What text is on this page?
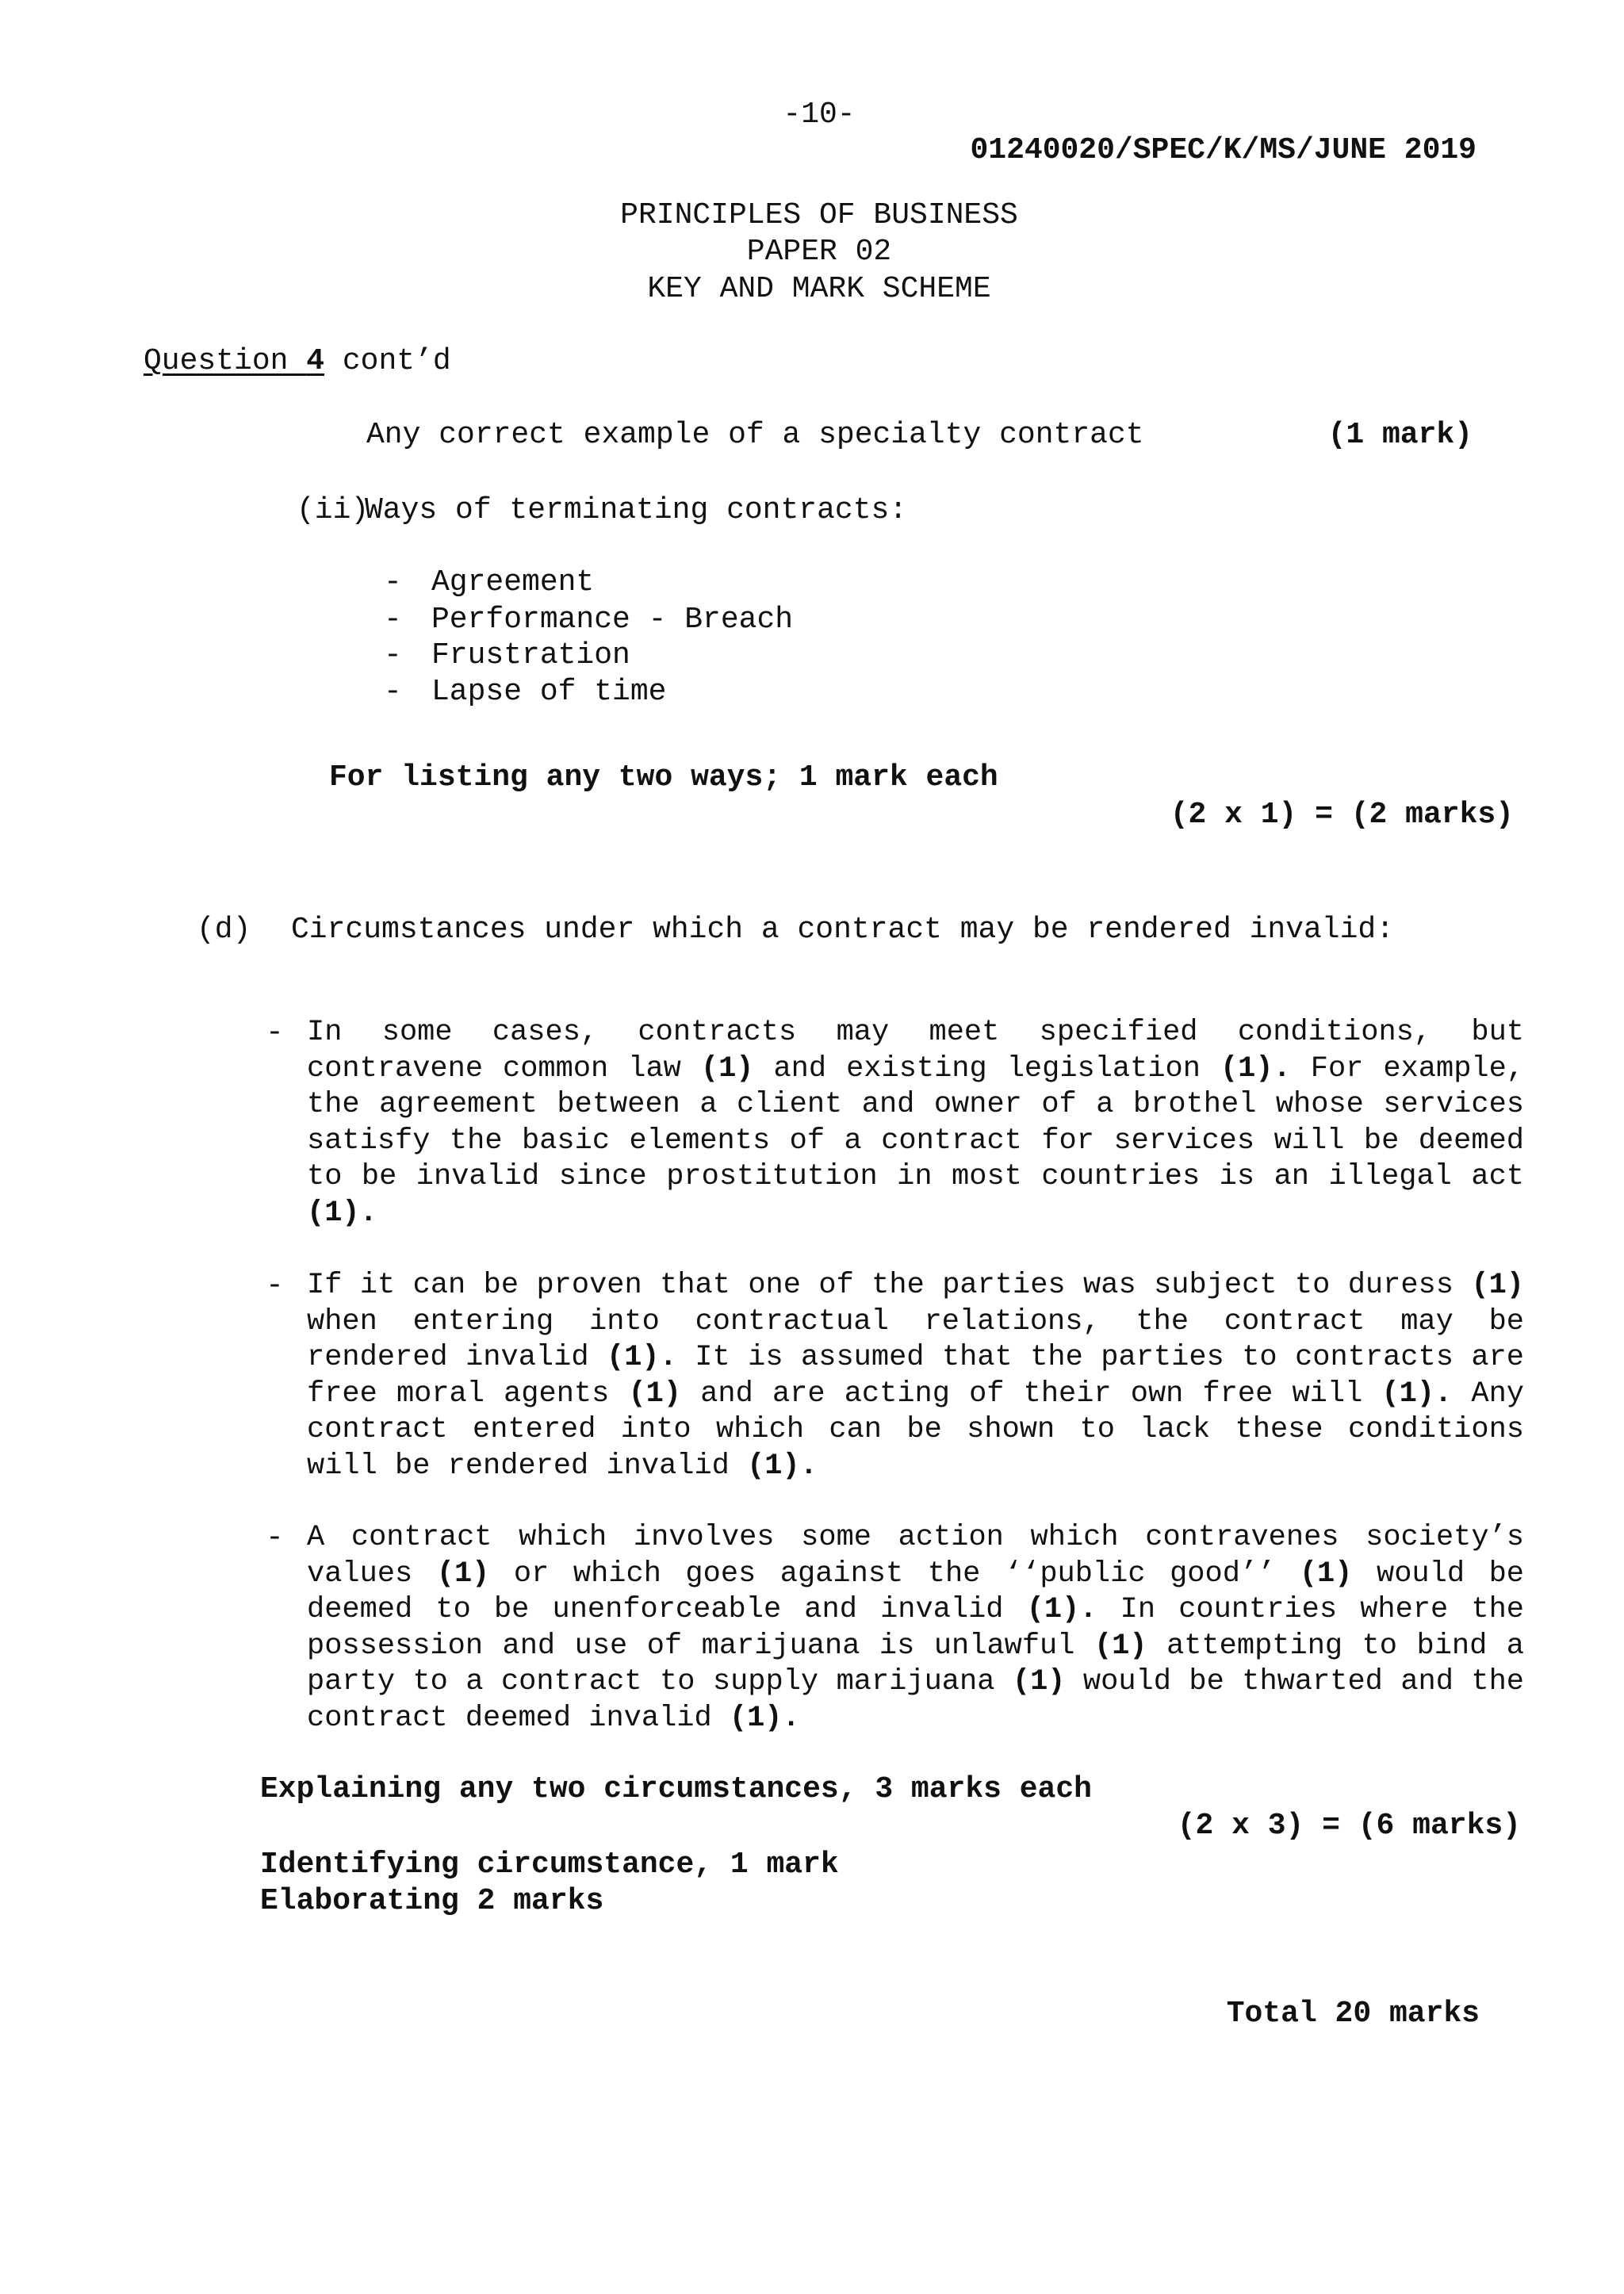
-10-
01240020/SPEC/K/MS/JUNE 2019
PRINCIPLES OF BUSINESS
PAPER 02
KEY AND MARK SCHEME
Question 4 cont’d
Any correct example of a specialty contract	(1 mark)
(ii)
Ways of terminating contracts:
- Agreement
- Performance - Breach
- Frustration
- Lapse of time
For listing any two ways; 1 mark each
(2 x 1) = (2 marks)
(d) Circumstances under which a contract may be rendered invalid:
- In some cases, contracts may meet specified conditions, but contravene common law (1) and existing legislation (1). For example, the agreement between a client and owner of a brothel whose services satisfy the basic elements of a contract for services will be deemed to be invalid since prostitution in most countries is an illegal act (1).
- If it can be proven that one of the parties was subject to duress (1) when entering into contractual relations, the contract may be rendered invalid (1). It is assumed that the parties to contracts are free moral agents (1) and are acting of their own free will (1). Any contract entered into which can be shown to lack these conditions will be rendered invalid (1).
- A contract which involves some action which contravenes society’s values (1) or which goes against the ‘‘public good’’ (1) would be deemed to be unenforceable and invalid (1). In countries where the possession and use of marijuana is unlawful (1) attempting to bind a party to a contract to supply marijuana (1) would be thwarted and the contract deemed invalid (1).
Explaining any two circumstances, 3 marks each
(2 x 3) = (6 marks)
Identifying circumstance, 1 mark
Elaborating 2 marks
Total 20 marks
